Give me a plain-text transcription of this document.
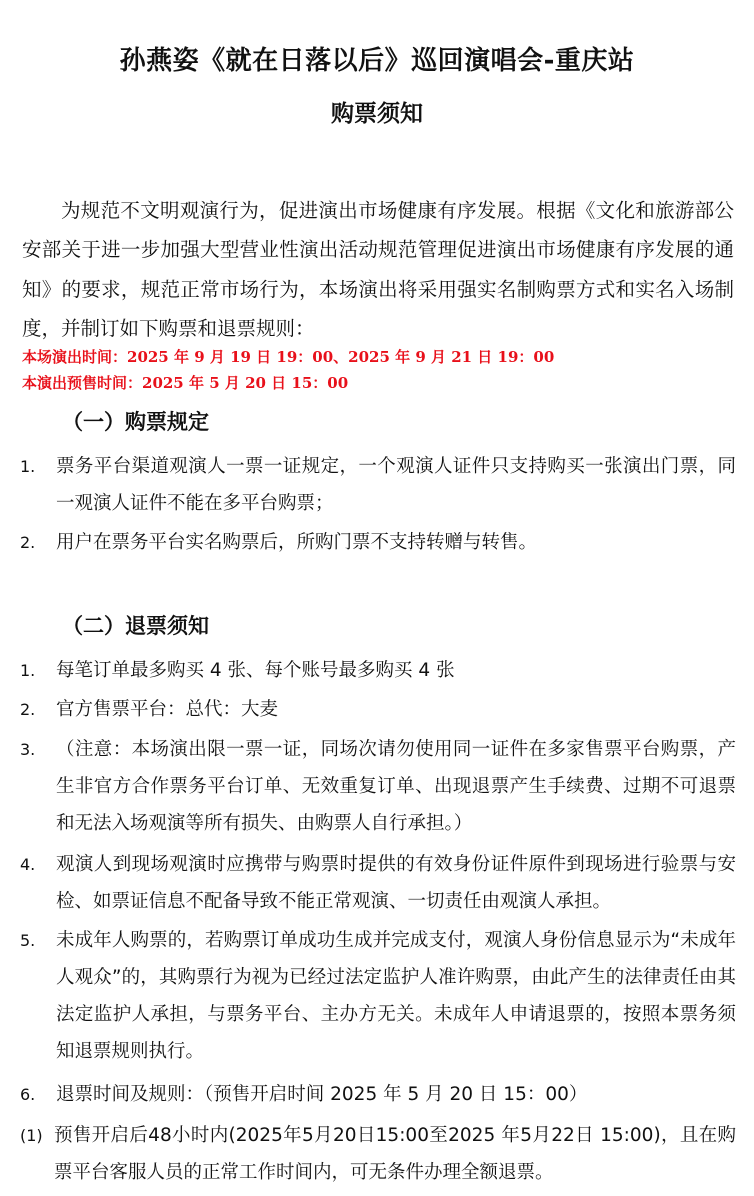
孙燕姿《就在日落以后》巡回演唱会-重庆站
购票须知
为规范不文明观演行为，促进演出市场健康有序发展。根据《文化和旅游部公安部关于进一步加强大型营业性演出活动规范管理促进演出市场健康有序发展的通知》的要求，规范正常市场行为，本场演出将采用强实名制购票方式和实名入场制度，并制订如下购票和退票规则：
本场演出时间：2025 年 9 月 19 日 19：00、2025 年 9 月 21 日 19：00
本演出预售时间：2025 年 5 月 20 日 15：00
（一）购票规定
1.	票务平台渠道观演人一票一证规定，一个观演人证件只支持购买一张演出门票，同一观演人证件不能在多平台购票；
2.	用户在票务平台实名购票后，所购门票不支持转赠与转售。
（二）退票须知
1.	每笔订单最多购买 4 张、每个账号最多购买 4 张
2.	官方售票平台：总代：大麦
3.	（注意：本场演出限一票一证，同场次请勿使用同一证件在多家售票平台购票，产生非官方合作票务平台订单、无效重复订单、出现退票产生手续费、过期不可退票和无法入场观演等所有损失、由购票人自行承担。）
4.	观演人到现场观演时应携带与购票时提供的有效身份证件原件到现场进行验票与安检、如票证信息不配备导致不能正常观演、一切责任由观演人承担。
5.	未成年人购票的，若购票订单成功生成并完成支付，观演人身份信息显示为“未成年人观众”的，其购票行为视为已经过法定监护人准许购票，由此产生的法律责任由其法定监护人承担，与票务平台、主办方无关。未成年人申请退票的，按照本票务须知退票规则执行。
6.	退票时间及规则：（预售开启时间 2025 年 5 月 20 日 15：00）
(1) 预售开启后48小时内(2025年5月20日15:00至2025 年5月22日 15:00)，且在购票平台客服人员的正常工作时间内，可无条件办理全额退票。
